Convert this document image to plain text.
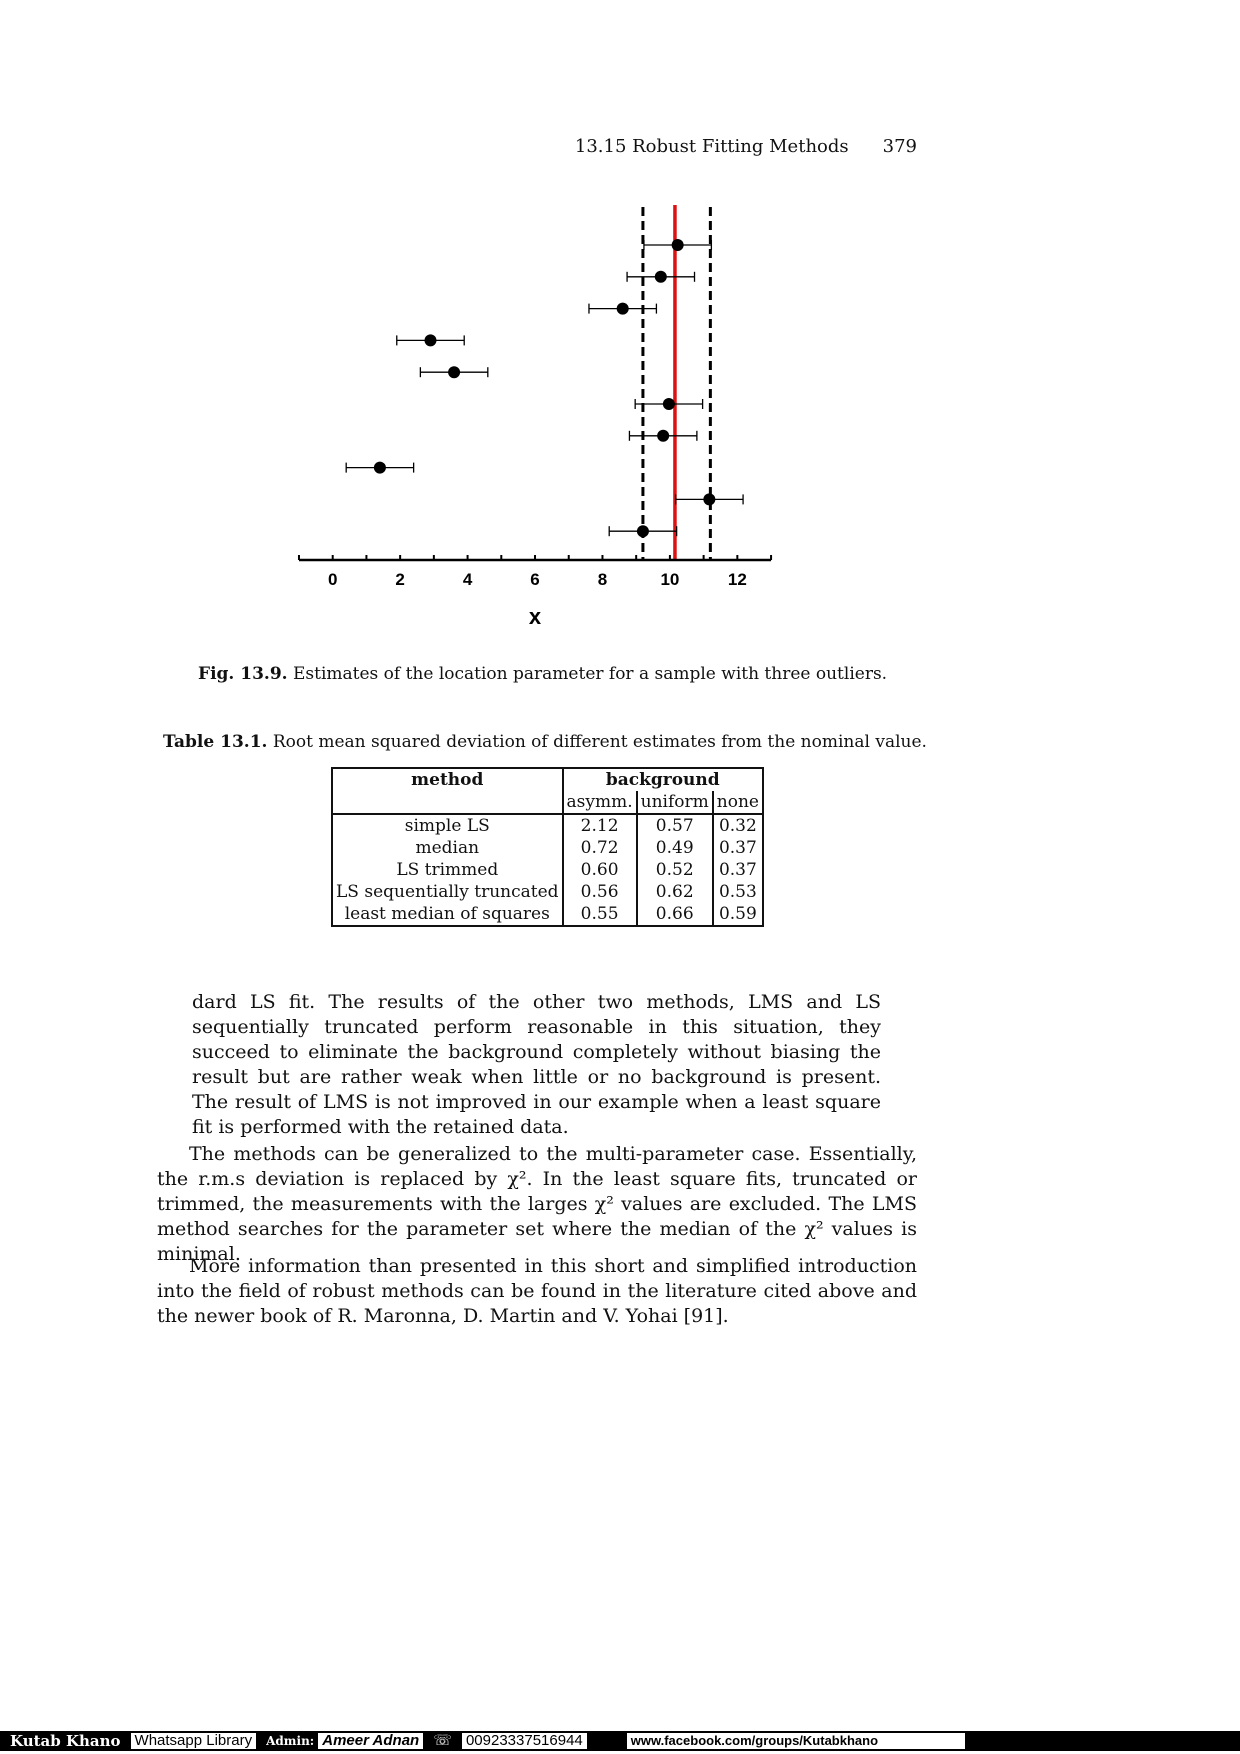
13.15 Robust Fitting Methods 379
0	2	4	6	8	10	12
x
Fig. 13.9. Estimates of the location parameter for a sample with three outliers.
Table 13.1. Root mean squared deviation of different estimates from the nominal value.
method	background		
	asymm.	uniform	none
simple LS	2.12	0.57	0.32
median	0.72	0.49	0.37
LS trimmed	0.60	0.52	0.37
LS sequentially truncated	0.56	0.62	0.53
least median of squares	0.55	0.66	0.59

dard LS fit. The results of the other two methods, LMS and LS sequentially truncated perform reasonable in this situation, they succeed to eliminate the background completely without biasing the result but are rather weak when little or no background is present. The result of LMS is not improved in our example when a least square fit is performed with the retained data.

The methods can be generalized to the multi-parameter case. Essentially, the r.m.s deviation is replaced by χ². In the least square fits, truncated or trimmed, the measurements with the larges χ² values are excluded. The LMS method searches for the parameter set where the median of the χ² values is minimal.

More information than presented in this short and simplified introduction into the field of robust methods can be found in the literature cited above and the newer book of R. Maronna, D. Martin and V. Yohai [91].

Kutab Khano Whatsapp Library	Admin: Ameer Adnan ☏ 00923337516944	www.facebook.com/groups/Kutabkhano
